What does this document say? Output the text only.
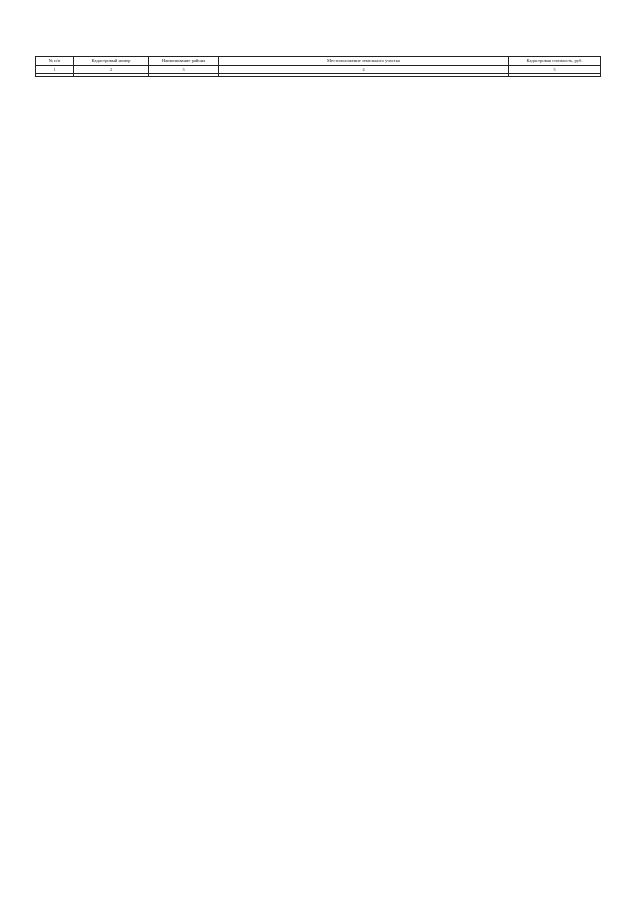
№ п/п	Кадастровый номер	Наименование района	Местоположение земельного участка	Кадастровая стоимость, руб.
1	2	3	4	5
